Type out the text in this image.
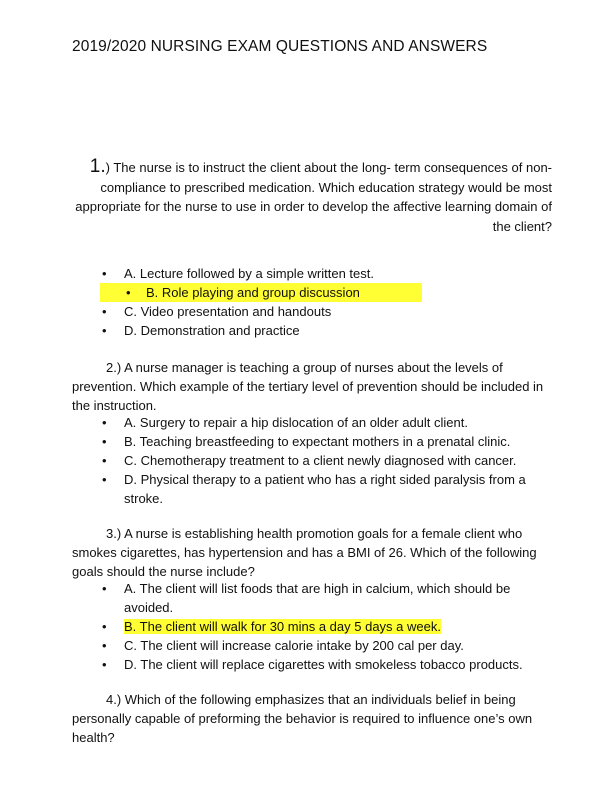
2019/2020 NURSING EXAM QUESTIONS AND ANSWERS
1.) The nurse is to instruct the client about the long- term consequences of non-compliance to prescribed medication. Which education strategy would be most appropriate for the nurse to use in order to develop the affective learning domain of the client?
• A. Lecture followed by a simple written test.
• B. Role playing and group discussion
• C. Video presentation and handouts
• D. Demonstration and practice
2.) A nurse manager is teaching a group of nurses about the levels of prevention. Which example of the tertiary level of prevention should be included in the instruction.
• A. Surgery to repair a hip dislocation of an older adult client.
• B. Teaching breastfeeding to expectant mothers in a prenatal clinic.
• C. Chemotherapy treatment to a client newly diagnosed with cancer.
• D. Physical therapy to a patient who has a right sided paralysis from a stroke.
3.) A nurse is establishing health promotion goals for a female client who smokes cigarettes, has hypertension and has a BMI of 26. Which of the following goals should the nurse include?
• A. The client will list foods that are high in calcium, which should be avoided.
• B. The client will walk for 30 mins a day 5 days a week.
• C. The client will increase calorie intake by 200 cal per day.
• D. The client will replace cigarettes with smokeless tobacco products.
4.) Which of the following emphasizes that an individuals belief in being personally capable of preforming the behavior is required to influence one’s own health?
